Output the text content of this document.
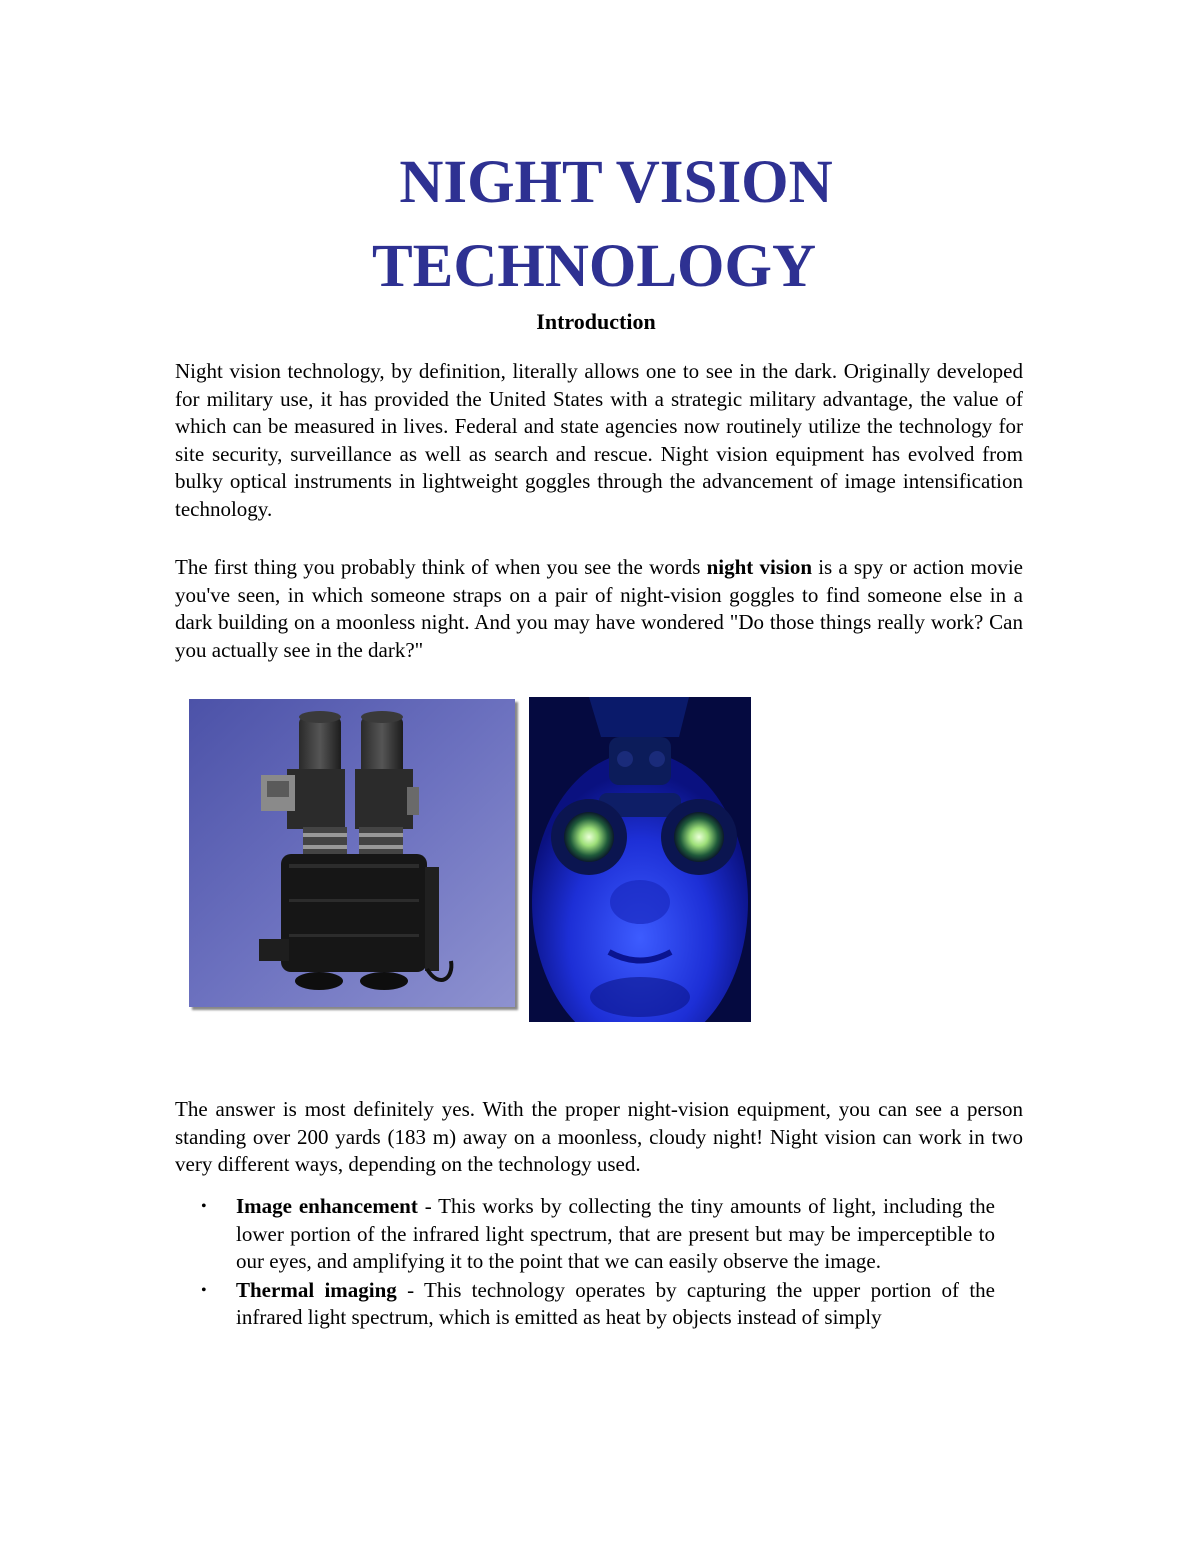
NIGHT VISION
TECHNOLOGY
Introduction

Night vision technology, by definition, literally allows one to see in the dark. Originally developed for military use, it has provided the United States with a strategic military advantage, the value of which can be measured in lives. Federal and state agencies now routinely utilize the technology for site security, surveillance as well as search and rescue. Night vision equipment has evolved from bulky optical instruments in lightweight goggles through the advancement of image intensification technology.

The first thing you probably think of when you see the words night vision is a spy or action movie you've seen, in which someone straps on a pair of night-vision goggles to find someone else in a dark building on a moonless night. And you may have wondered "Do those things really work? Can you actually see in the dark?"

The answer is most definitely yes. With the proper night-vision equipment, you can see a person standing over 200 yards (183 m) away on a moonless, cloudy night! Night vision can work in two very different ways, depending on the technology used.

• Image enhancement - This works by collecting the tiny amounts of light, including the lower portion of the infrared light spectrum, that are present but may be imperceptible to our eyes, and amplifying it to the point that we can easily observe the image.
• Thermal imaging - This technology operates by capturing the upper portion of the infrared light spectrum, which is emitted as heat by objects instead of simply
